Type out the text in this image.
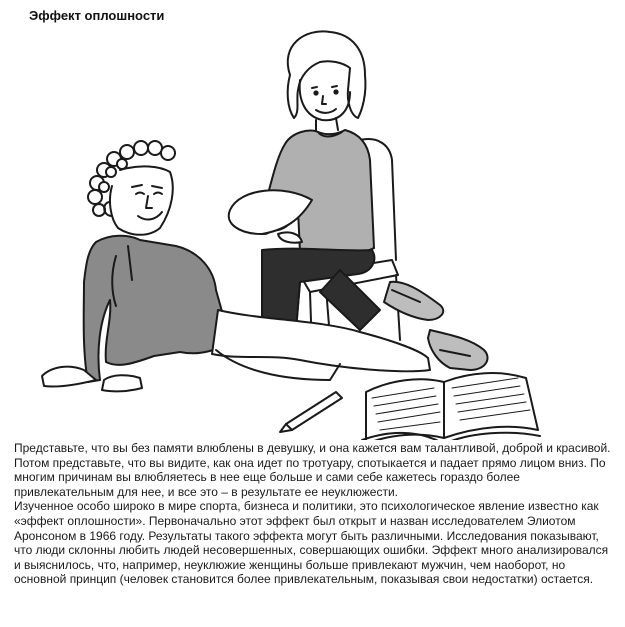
Эффект оплошности

Представьте, что вы без памяти влюблены в девушку, и она кажется вам талантливой, доброй и красивой. Потом представьте, что вы видите, как она идет по тротуару, спотыкается и падает прямо лицом вниз. По многим причинам вы влюбляетесь в нее еще больше и сами себе кажетесь гораздо более привлекательным для нее, и все это – в результате ее неуклюжести.

Изученное особо широко в мире спорта, бизнеса и политики, это психологическое явление известно как «эффект оплошности». Первоначально этот эффект был открыт и назван исследователем Элиотом Аронсоном в 1966 году. Результаты такого эффекта могут быть различными. Исследования показывают, что люди склонны любить людей несовершенных, совершающих ошибки. Эффект много анализировался и выяснилось, что, например, неуклюжие женщины больше привлекают мужчин, чем наоборот, но основной принцип (человек становится более привлекательным, показывая свои недостатки) остается.
